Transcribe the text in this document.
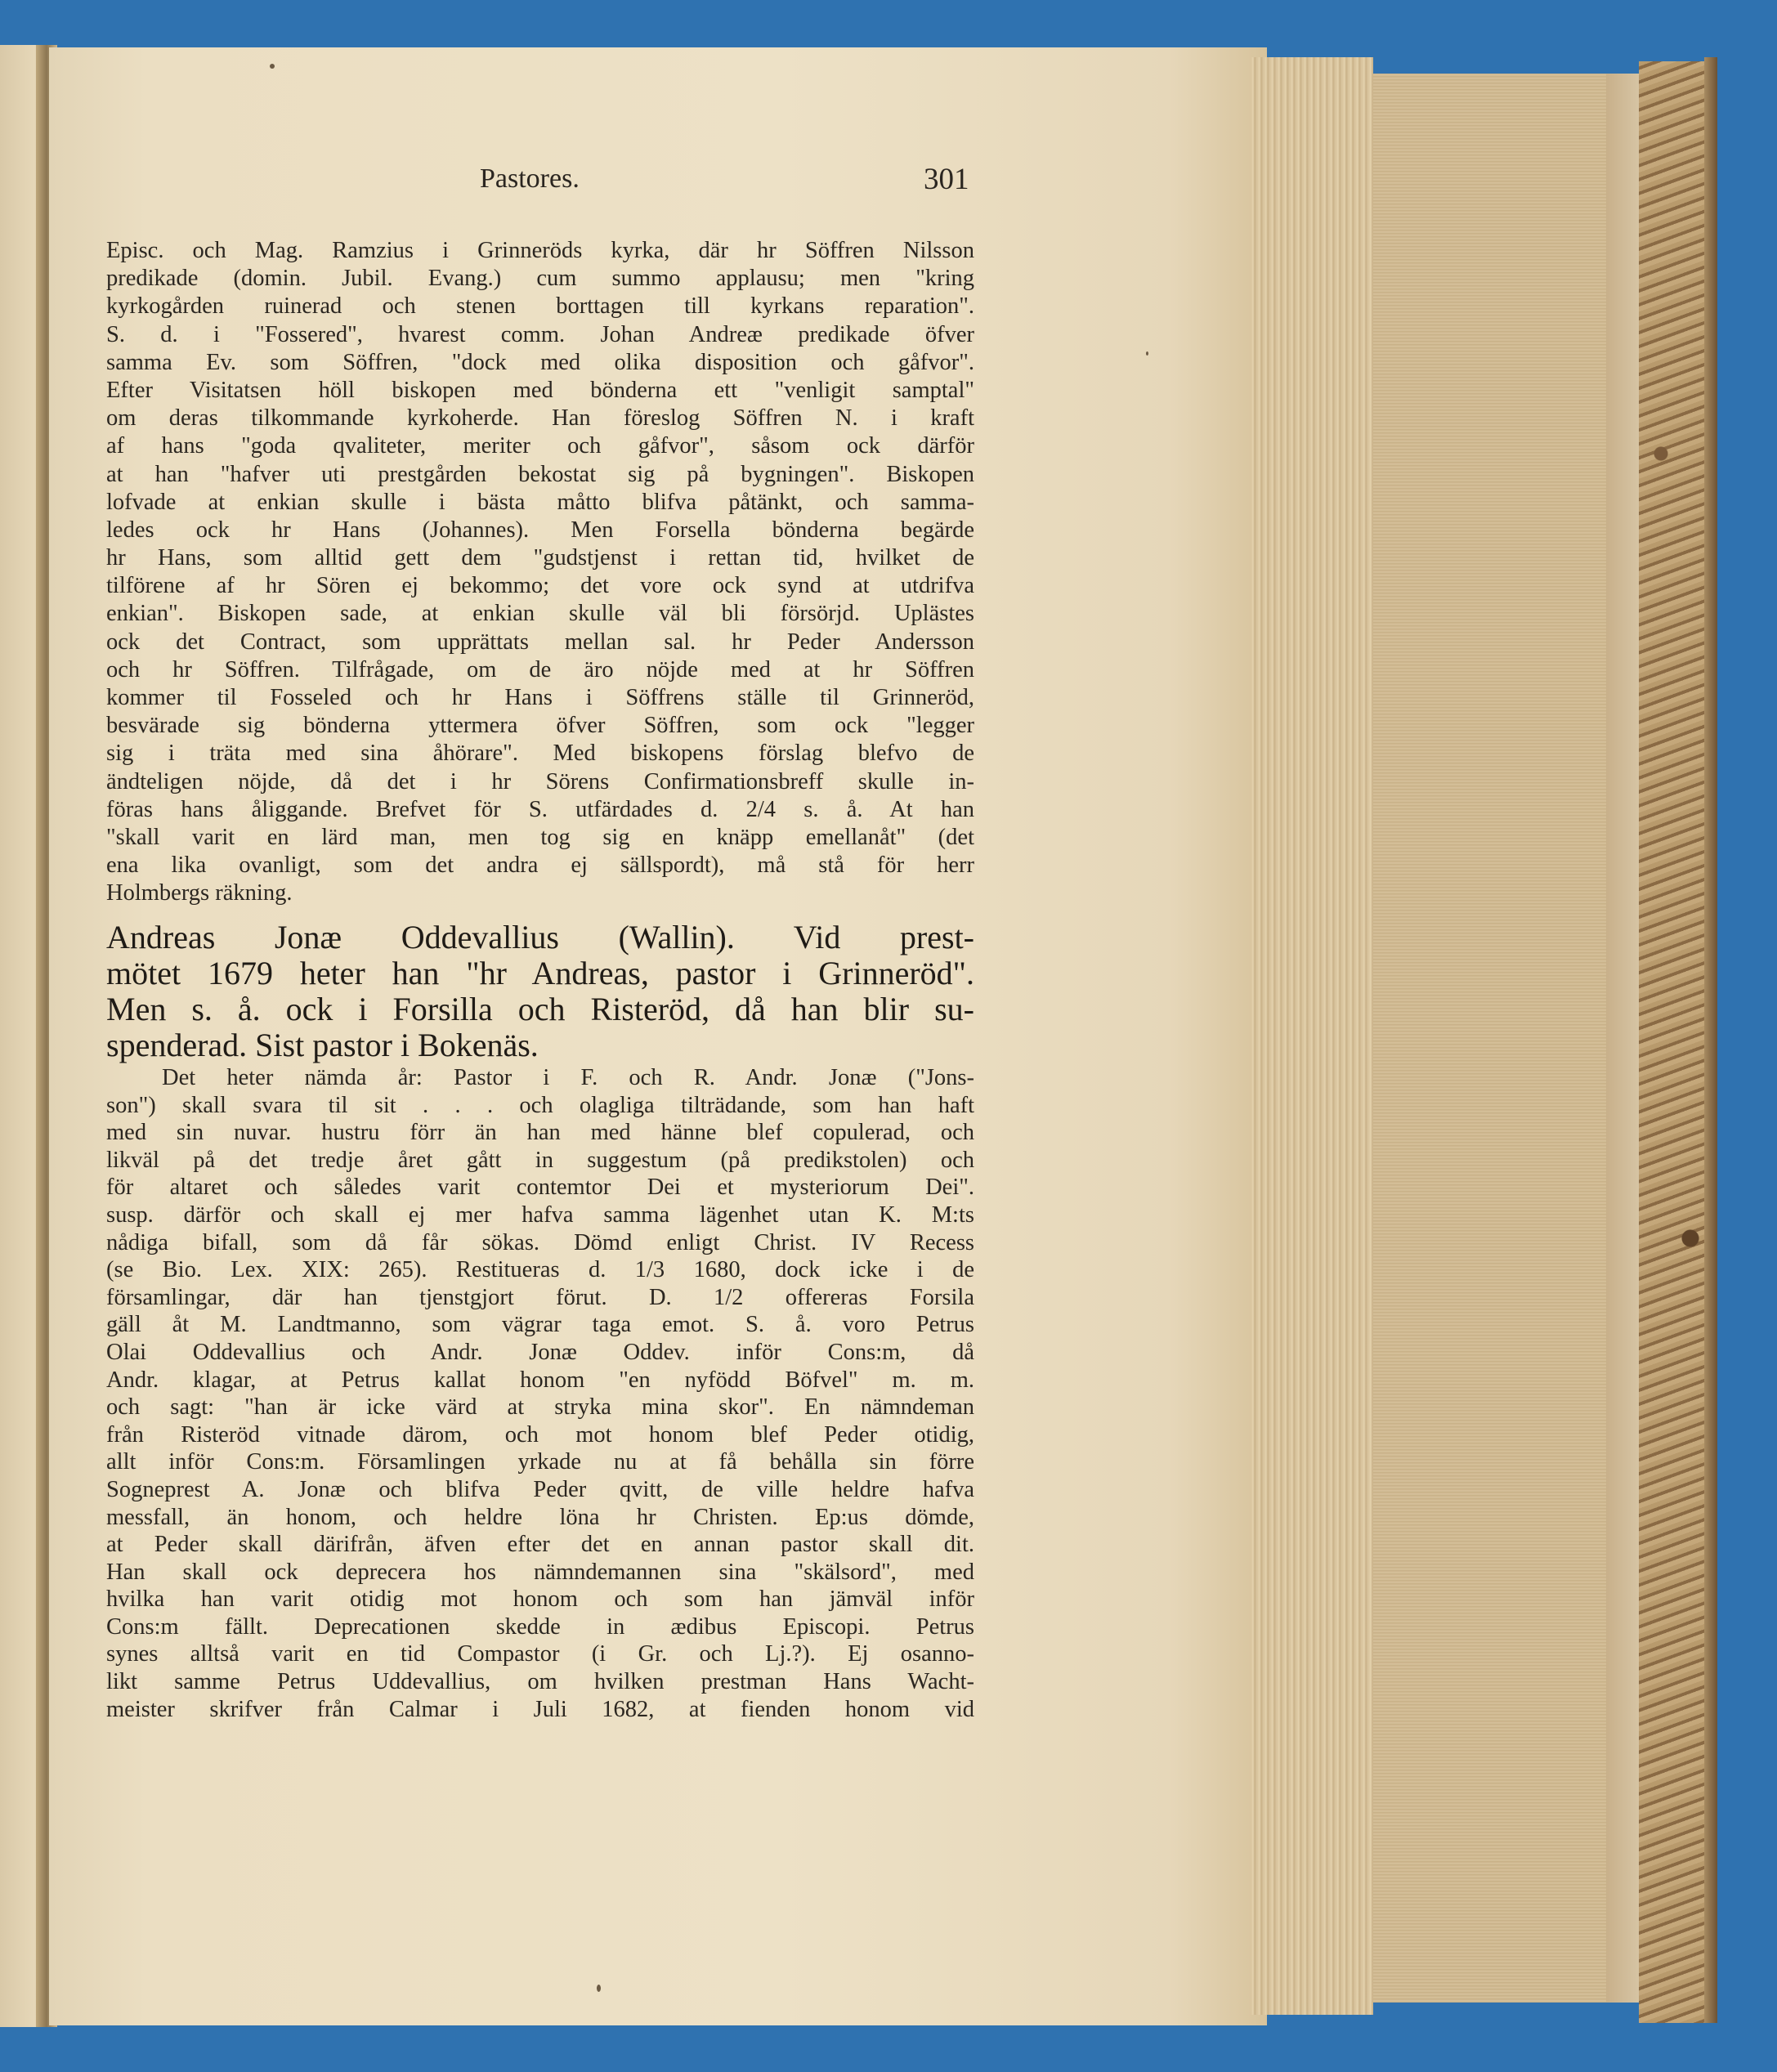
Pastores.	301
Episc. och Mag. Ramzius i Grinneröds kyrka, där hr Söffren Nilsson
predikade (domin. Jubil. Evang.) cum summo applausu; men "kring
kyrkogården ruinerad och stenen borttagen till kyrkans reparation".
S. d. i "Fossered", hvarest comm. Johan Andreæ predikade öfver
samma Ev. som Söffren, "dock med olika disposition och gåfvor".
Efter Visitatsen höll biskopen med bönderna ett "venligit samptal"
om deras tilkommande kyrkoherde. Han föreslog Söffren N. i kraft
af hans "goda qvaliteter, meriter och gåfvor", såsom ock därför
at han "hafver uti prestgården bekostat sig på bygningen". Biskopen
lofvade at enkian skulle i bästa måtto blifva påtänkt, och samma-
ledes ock hr Hans (Johannes). Men Forsella bönderna begärde
hr Hans, som alltid gett dem "gudstjenst i rettan tid, hvilket de
tilförene af hr Sören ej bekommo; det vore ock synd at utdrifva
enkian". Biskopen sade, at enkian skulle väl bli försörjd. Uplästes
ock det Contract, som upprättats mellan sal. hr Peder Andersson
och hr Söffren. Tilfrågade, om de äro nöjde med at hr Söffren
kommer til Fosseled och hr Hans i Söffrens ställe til Grinneröd,
besvärade sig bönderna yttermera öfver Söffren, som ock "legger
sig i träta med sina åhörare". Med biskopens förslag blefvo de
ändteligen nöjde, då det i hr Sörens Confirmationsbreff skulle in-
föras hans åliggande. Brefvet för S. utfärdades d. 2/4 s. å. At han
"skall varit en lärd man, men tog sig en knäpp emellanåt" (det
ena lika ovanligt, som det andra ej sällspordt), må stå för herr
Holmbergs räkning.
Andreas Jonæ Oddevallius (Wallin). Vid prest-
mötet 1679 heter han "hr Andreas, pastor i Grinneröd".
Men s. å. ock i Forsilla och Risteröd, då han blir su-
spenderad. Sist pastor i Bokenäs.
Det heter nämda år: Pastor i F. och R. Andr. Jonæ ("Jons-
son") skall svara til sit . . . och olagliga tilträdande, som han haft
med sin nuvar. hustru förr än han med hänne blef copulerad, och
likväl på det tredje året gått in suggestum (på predikstolen) och
för altaret och således varit contemtor Dei et mysteriorum Dei".
susp. därför och skall ej mer hafva samma lägenhet utan K. M:ts
nådiga bifall, som då får sökas. Dömd enligt Christ. IV Recess
(se Bio. Lex. XIX: 265). Restitueras d. 1/3 1680, dock icke i de
församlingar, där han tjenstgjort förut. D. 1/2 offereras Forsila
gäll åt M. Landtmanno, som vägrar taga emot. S. å. voro Petrus
Olai Oddevallius och Andr. Jonæ Oddev. inför Cons:m, då
Andr. klagar, at Petrus kallat honom "en nyfödd Böfvel" m. m.
och sagt: "han är icke värd at stryka mina skor". En nämndeman
från Risteröd vitnade därom, och mot honom blef Peder otidig,
allt inför Cons:m. Församlingen yrkade nu at få behålla sin förre
Sogneprest A. Jonæ och blifva Peder qvitt, de ville heldre hafva
messfall, än honom, och heldre löna hr Christen. Ep:us dömde,
at Peder skall därifrån, äfven efter det en annan pastor skall dit.
Han skall ock deprecera hos nämndemannen sina "skälsord", med
hvilka han varit otidig mot honom och som han jämväl inför
Cons:m fällt. Deprecationen skedde in ædibus Episcopi. Petrus
synes alltså varit en tid Compastor (i Gr. och Lj.?). Ej osanno-
likt samme Petrus Uddevallius, om hvilken prestman Hans Wacht-
meister skrifver från Calmar i Juli 1682, at fienden honom vid
